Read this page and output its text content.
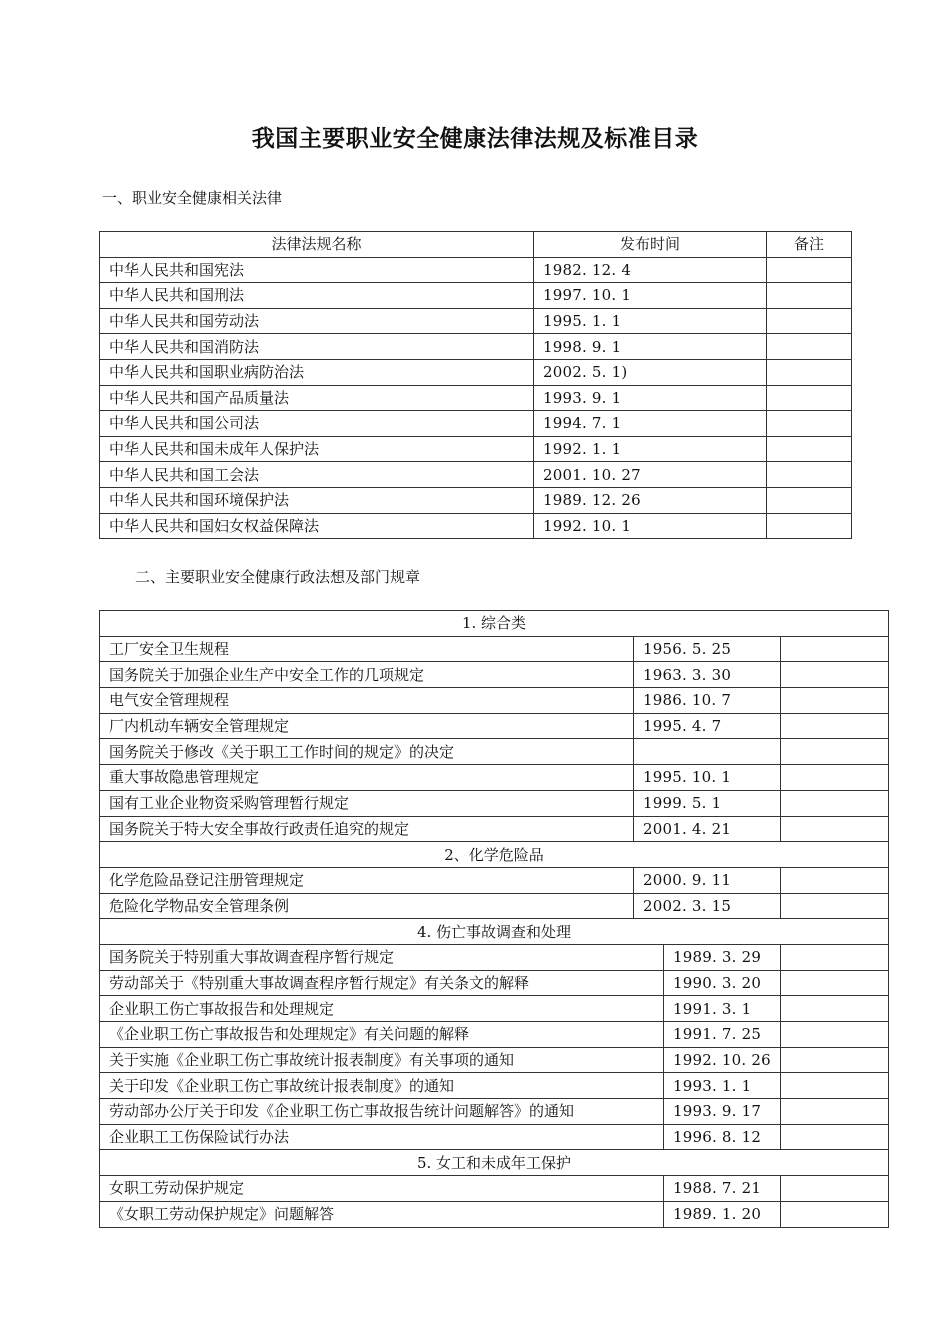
我国主要职业安全健康法律法规及标准目录
一、职业安全健康相关法律
法律法规名称	发布时间	备注
中华人民共和国宪法	1982. 12. 4	
中华人民共和国刑法	1997. 10. 1	
中华人民共和国劳动法	1995. 1. 1	
中华人民共和国消防法	1998. 9. 1	
中华人民共和国职业病防治法	2002. 5. 1)	
中华人民共和国产品质量法	1993. 9. 1	
中华人民共和国公司法	1994. 7. 1	
中华人民共和国未成年人保护法	1992. 1. 1	
中华人民共和国工会法	2001. 10. 27	
中华人民共和国环境保护法	1989. 12. 26	
中华人民共和国妇女权益保障法	1992. 10. 1	
二、主要职业安全健康行政法想及部门规章
1. 综合类			
工厂安全卫生规程	1956. 5. 25		
国务院关于加强企业生产中安全工作的几项规定	1963. 3. 30		
电气安全管理规程	1986. 10. 7		
厂内机动车辆安全管理规定	1995. 4. 7		
国务院关于修改《关于职工工作时间的规定》的决定			
重大事故隐患管理规定	1995. 10. 1		
国有工业企业物资采购管理暂行规定	1999. 5. 1		
国务院关于特大安全事故行政责任追究的规定	2001. 4. 21		
2、化学危险品			
化学危险品登记注册管理规定	2000. 9. 11		
危险化学物品安全管理条例	2002. 3. 15		
4. 伤亡事故调查和处理			
国务院关于特别重大事故调查程序暂行规定		1989. 3. 29	
劳动部关于《特别重大事故调查程序暂行规定》有关条文的解释		1990. 3. 20	
企业职工伤亡事故报告和处理规定		1991. 3. 1	
《企业职工伤亡事故报告和处理规定》有关问题的解释		1991. 7. 25	
关于实施《企业职工伤亡事故统计报表制度》有关事项的通知		1992. 10. 26	
关于印发《企业职工伤亡事故统计报表制度》的通知		1993. 1. 1	
劳动部办公厅关于印发《企业职工伤亡事故报告统计问题解答》的通知		1993. 9. 17	
企业职工工伤保险试行办法		1996. 8. 12	
5. 女工和未成年工保护			
女职工劳动保护规定		1988. 7. 21	
《女职工劳动保护规定》问题解答		1989. 1. 20	
